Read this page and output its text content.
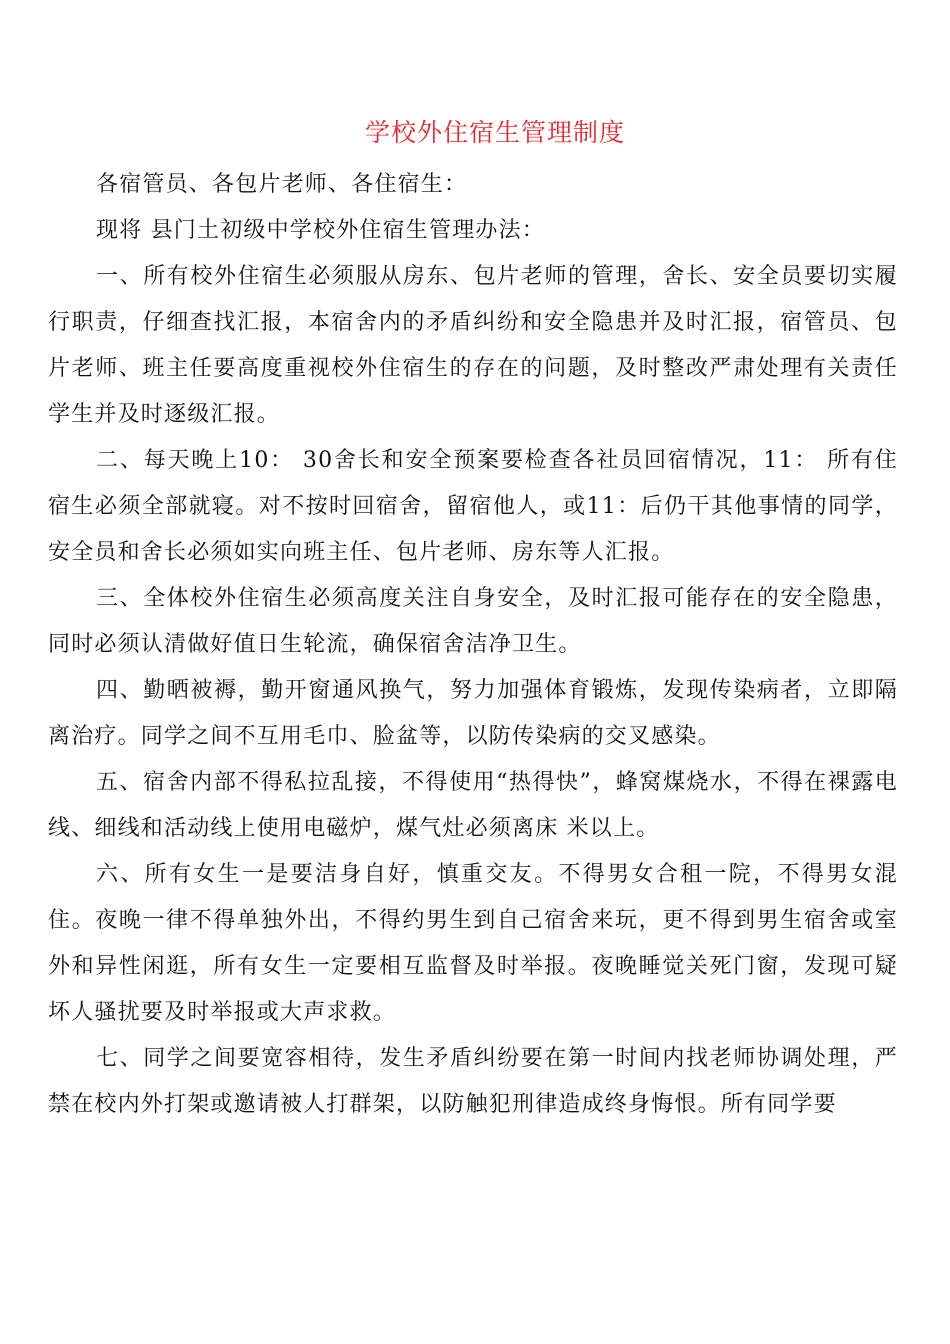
学校外住宿生管理制度

各宿管员、各包片老师、各住宿生：

现将 县门土初级中学校外住宿生管理办法：

一、所有校外住宿生必须服从房东、包片老师的管理，舍长、安全员要切实履行职责，仔细查找汇报，本宿舍内的矛盾纠纷和安全隐患并及时汇报，宿管员、包片老师、班主任要高度重视校外住宿生的存在的问题，及时整改严肃处理有关责任学生并及时逐级汇报。

二、每天晚上10： 30舍长和安全预案要检查各社员回宿情况，11： 所有住宿生必须全部就寝。对不按时回宿舍，留宿他人，或11：后仍干其他事情的同学，安全员和舍长必须如实向班主任、包片老师、房东等人汇报。

三、全体校外住宿生必须高度关注自身安全，及时汇报可能存在的安全隐患，同时必须认清做好值日生轮流，确保宿舍洁净卫生。

四、勤晒被褥，勤开窗通风换气，努力加强体育锻炼，发现传染病者，立即隔离治疗。同学之间不互用毛巾、脸盆等，以防传染病的交叉感染。

五、宿舍内部不得私拉乱接，不得使用“热得快”，蜂窝煤烧水，不得在裸露电线、细线和活动线上使用电磁炉，煤气灶必须离床 米以上。

六、所有女生一是要洁身自好，慎重交友。不得男女合租一院，不得男女混住。夜晚一律不得单独外出，不得约男生到自己宿舍来玩，更不得到男生宿舍或室外和异性闲逛，所有女生一定要相互监督及时举报。夜晚睡觉关死门窗，发现可疑坏人骚扰要及时举报或大声求救。

七、同学之间要宽容相待，发生矛盾纠纷要在第一时间内找老师协调处理，严禁在校内外打架或邀请被人打群架，以防触犯刑律造成终身悔恨。所有同学要
